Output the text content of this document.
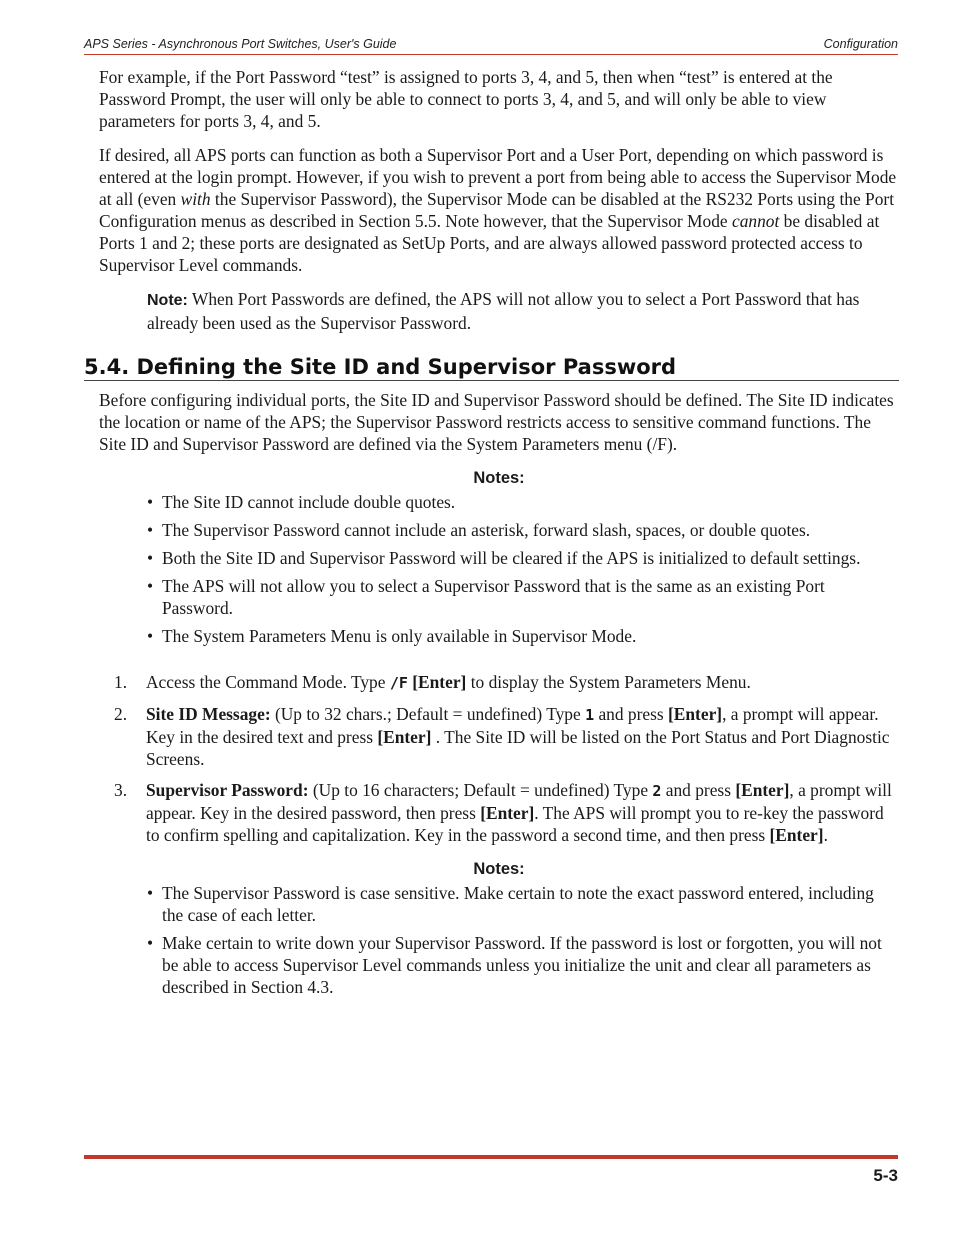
APS Series - Asynchronous Port Switches, User's Guide	Configuration

For example, if the Port Password “test” is assigned to ports 3, 4, and 5, then when “test” is entered at the Password Prompt, the user will only be able to connect to ports 3, 4, and 5, and will only be able to view parameters for ports 3, 4, and 5.

If desired, all APS ports can function as both a Supervisor Port and a User Port, depending on which password is entered at the login prompt. However, if you wish to prevent a port from being able to access the Supervisor Mode at all (even with the Supervisor Password), the Supervisor Mode can be disabled at the RS232 Ports using the Port Configuration menus as described in Section 5.5. Note however, that the Supervisor Mode cannot be disabled at Ports 1 and 2; these ports are designated as SetUp Ports, and are always allowed password protected access to Supervisor Level commands.

Note: When Port Passwords are defined, the APS will not allow you to select a Port Password that has already been used as the Supervisor Password.

5.4. Defining the Site ID and Supervisor Password

Before configuring individual ports, the Site ID and Supervisor Password should be defined. The Site ID indicates the location or name of the APS; the Supervisor Password restricts access to sensitive command functions. The Site ID and Supervisor Password are defined via the System Parameters menu (/F).

Notes:
• The Site ID cannot include double quotes.
• The Supervisor Password cannot include an asterisk, forward slash, spaces, or double quotes.
• Both the Site ID and Supervisor Password will be cleared if the APS is initialized to default settings.
• The APS will not allow you to select a Supervisor Password that is the same as an existing Port Password.
• The System Parameters Menu is only available in Supervisor Mode.
1. Access the Command Mode. Type /F [Enter] to display the System Parameters Menu.
2. Site ID Message: (Up to 32 chars.; Default = undefined) Type 1 and press [Enter], a prompt will appear. Key in the desired text and press [Enter] . The Site ID will be listed on the Port Status and Port Diagnostic Screens.
3. Supervisor Password: (Up to 16 characters; Default = undefined) Type 2 and press [Enter], a prompt will appear. Key in the desired password, then press [Enter]. The APS will prompt you to re-key the password to confirm spelling and capitalization. Key in the password a second time, and then press [Enter].
Notes:
• The Supervisor Password is case sensitive. Make certain to note the exact password entered, including the case of each letter.
• Make certain to write down your Supervisor Password. If the password is lost or forgotten, you will not be able to access Supervisor Level commands unless you initialize the unit and clear all parameters as described in Section 4.3.
5-3
